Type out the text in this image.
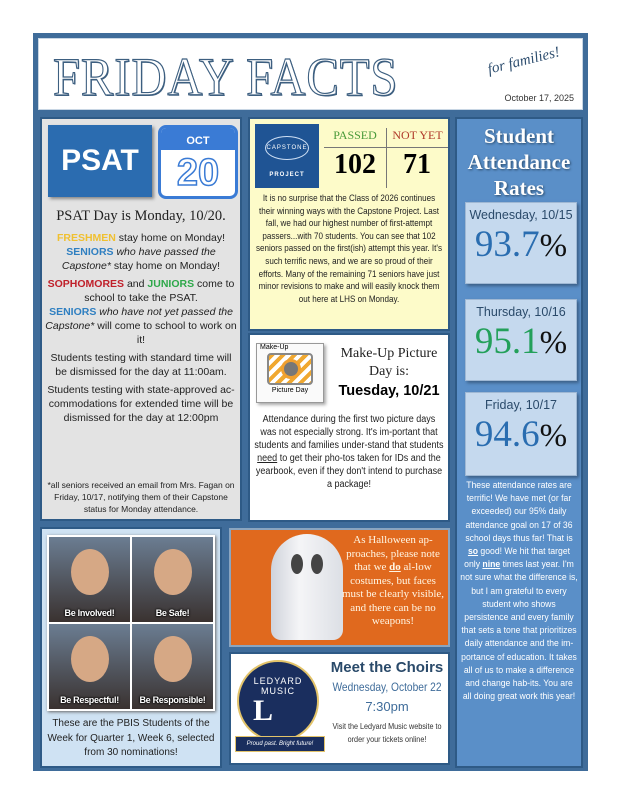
FRIDAY FACTS	for families!
October 17, 2025
PSAT
OCT
20
PSAT Day is Monday, 10/20.

FRESHMEN stay home on Monday!
SENIORS who have passed the Capstone* stay home on Monday!

SOPHOMORES and JUNIORS come to school to take the PSAT.
SENIORS who have not yet passed the Capstone* will come to school to work on it!

Students testing with standard time will be dismissed for the day at 11:00am.

Students testing with state-approved ac-commodations for extended time will be dismissed for the day at 12:00pm

*all seniors received an email from Mrs. Fagan on Friday, 10/17, notifying them of their Capstone status for Monday attendance.
CAPSTONE
PROJECT
PASSED	NOT YET
102 71
It is no surprise that the Class of 2026 continues their winning ways with the Capstone Project. Last fall, we had our highest number of first-attempt passers...with 70 students. You can see that 102 seniors passed on the first(ish) attempt this year. It's such terrific news, and we are so proud of their efforts. Many of the remaining 71 seniors have just minor revisions to make and will easily knock them out here at LHS on Monday.
Make-Up
Picture Day
Make-Up Picture Day is:
Tuesday, 10/21
Attendance during the first two picture days was not especially strong. It's im-portant that students and families under-stand that students need to get their pho-tos taken for IDs and the yearbook, even if they don't intend to purchase a package!
Student Attendance Rates
Wednesday, 10/15
93.7%
Thursday, 10/16
95.1%
Friday, 10/17
94.6%
These attendance rates are terrific! We have met (or far exceeded) our 95% daily attendance goal on 17 of 36 school days thus far! That is so good! We hit that target only nine times last year. I'm not sure what the difference is, but I am grateful to every student who shows persistence and every family that sets a tone that prioritizes daily attendance and the im-portance of education. It takes all of us to make a difference and change hab-its. You are all doing great work this year!
Be Involved!	Be Safe!
Be Respectful!	Be Responsible!
These are the PBIS Students of the Week for Quarter 1, Week 6, selected from 30 nominations!
As Halloween ap-proaches, please note that we do al-low costumes, but faces must be clearly visible, and there can be no weapons!
LEDYARD
MUSIC
L
Proud past. Bright future!
Meet the Choirs
Wednesday, October 22
7:30pm
Visit the Ledyard Music website to order your tickets online!
